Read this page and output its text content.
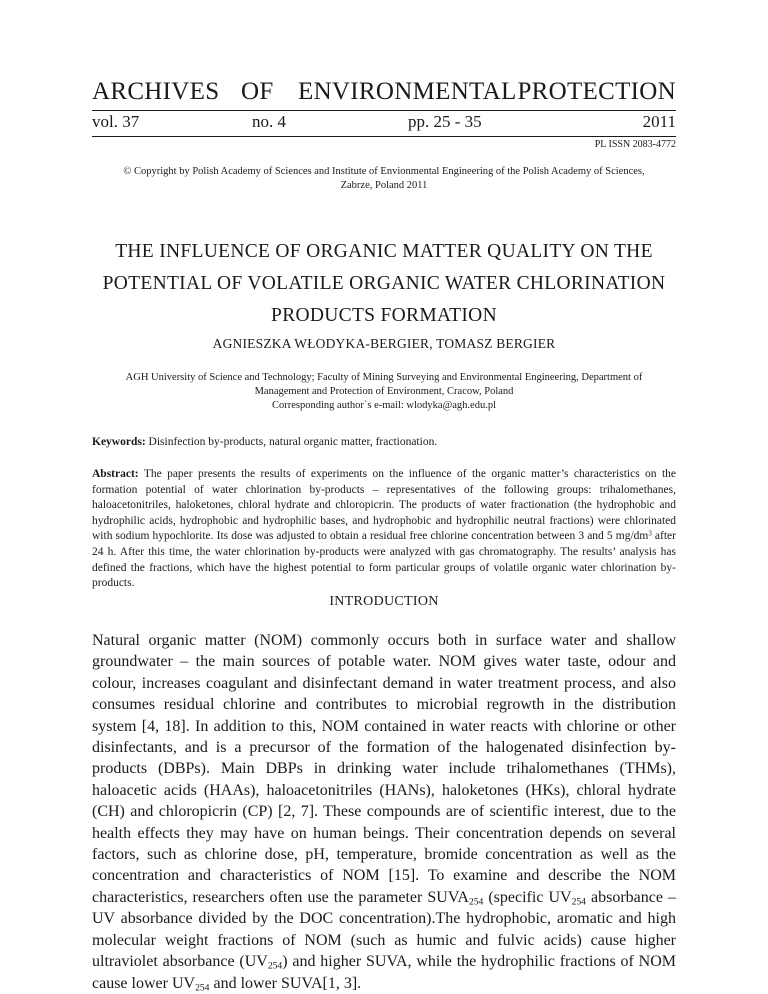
ARCHIVES OF ENVIRONMENTAL PROTECTION
vol. 37	no. 4	pp. 25 - 35	2011
PL ISSN 2083-4772
© Copyright by Polish Academy of Sciences and Institute of Envionmental Engineering of the Polish Academy of Sciences,
Zabrze, Poland 2011
THE INFLUENCE OF ORGANIC MATTER QUALITY ON THE
POTENTIAL OF VOLATILE ORGANIC WATER CHLORINATION
PRODUCTS FORMATION
AGNIESZKA WŁODYKA-BERGIER, TOMASZ BERGIER
AGH University of Science and Technology; Faculty of Mining Surveying and Environmental Engineering, Department of
Management and Protection of Environment, Cracow, Poland
Corresponding author`s e-mail: wlodyka@agh.edu.pl
Keywords: Disinfection by-products, natural organic matter, fractionation.
Abstract: The paper presents the results of experiments on the influence of the organic matter’s characteristics on the formation potential of water chlorination by-products – representatives of the following groups: trihalomethanes, haloacetonitriles, haloketones, chloral hydrate and chloropicrin. The products of water fractionation (the hydrophobic and hydrophilic acids, hydrophobic and hydrophilic bases, and hydrophobic and hydrophilic neutral fractions) were chlorinated with sodium hypochlorite. Its dose was adjusted to obtain a residual free chlorine concentration between 3 and 5 $mg/dm^3$ after 24 h. After this time, the water chlorination by-products were analyzed with gas chromatography. The results’ analysis has defined the fractions, which have the highest potential to form particular groups of volatile organic water chlorination by-products.
INTRODUCTION
Natural organic matter (NOM) commonly occurs both in surface water and shallow groundwater – the main sources of potable water. NOM gives water taste, odour and colour, increases coagulant and disinfectant demand in water treatment process, and also consumes residual chlorine and contributes to microbial regrowth in the distribution system [4, 18]. In addition to this, NOM contained in water reacts with chlorine or other disinfectants, and is a precursor of the formation of the halogenated disinfection by-products (DBPs). Main DBPs in drinking water include trihalomethanes (THMs), haloacetic acids (HAAs), haloacetonitriles (HANs), haloketones (HKs), chloral hydrate (CH) and chloropicrin (CP) [2, 7]. These compounds are of scientific interest, due to the health effects they may have on human beings. Their concentration depends on several factors, such as chlorine dose, pH, temperature, bromide concentration as well as the concentration and characteristics of NOM [15]. To examine and describe the NOM characteristics, researchers often use the parameter $SUVA_{254}$ (specific $UV_{254}$ absorbance – UV absorbance divided by the DOC concentration).The hydrophobic, aromatic and high molecular weight fractions of NOM (such as humic and fulvic acids) cause higher ultraviolet absorbance $(UV_{254})$ and higher SUVA, while the hydrophilic fractions of NOM cause lower $UV_{254}$ and lower SUVA[1, 3].
